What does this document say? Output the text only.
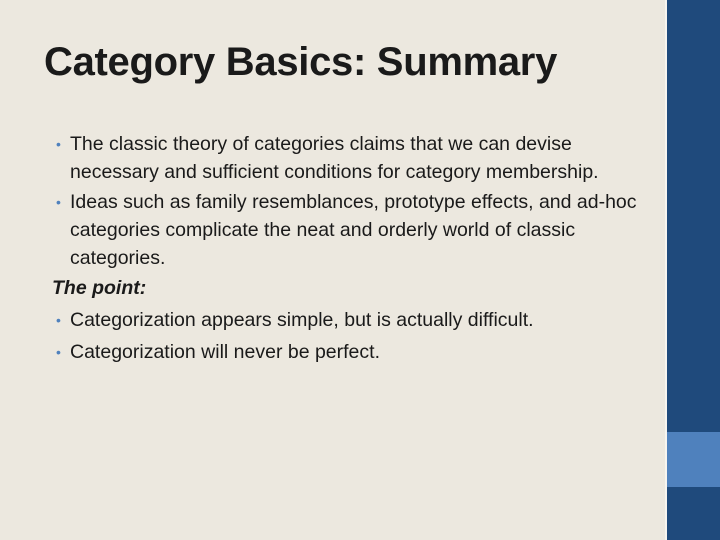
Category Basics: Summary
• The classic theory of categories claims that we can devise necessary and sufficient conditions for category membership.
• Ideas such as family resemblances, prototype effects, and ad-hoc categories complicate the neat and orderly world of classic categories.

The point:

• Categorization appears simple, but is actually difficult.
• Categorization will never be perfect.
